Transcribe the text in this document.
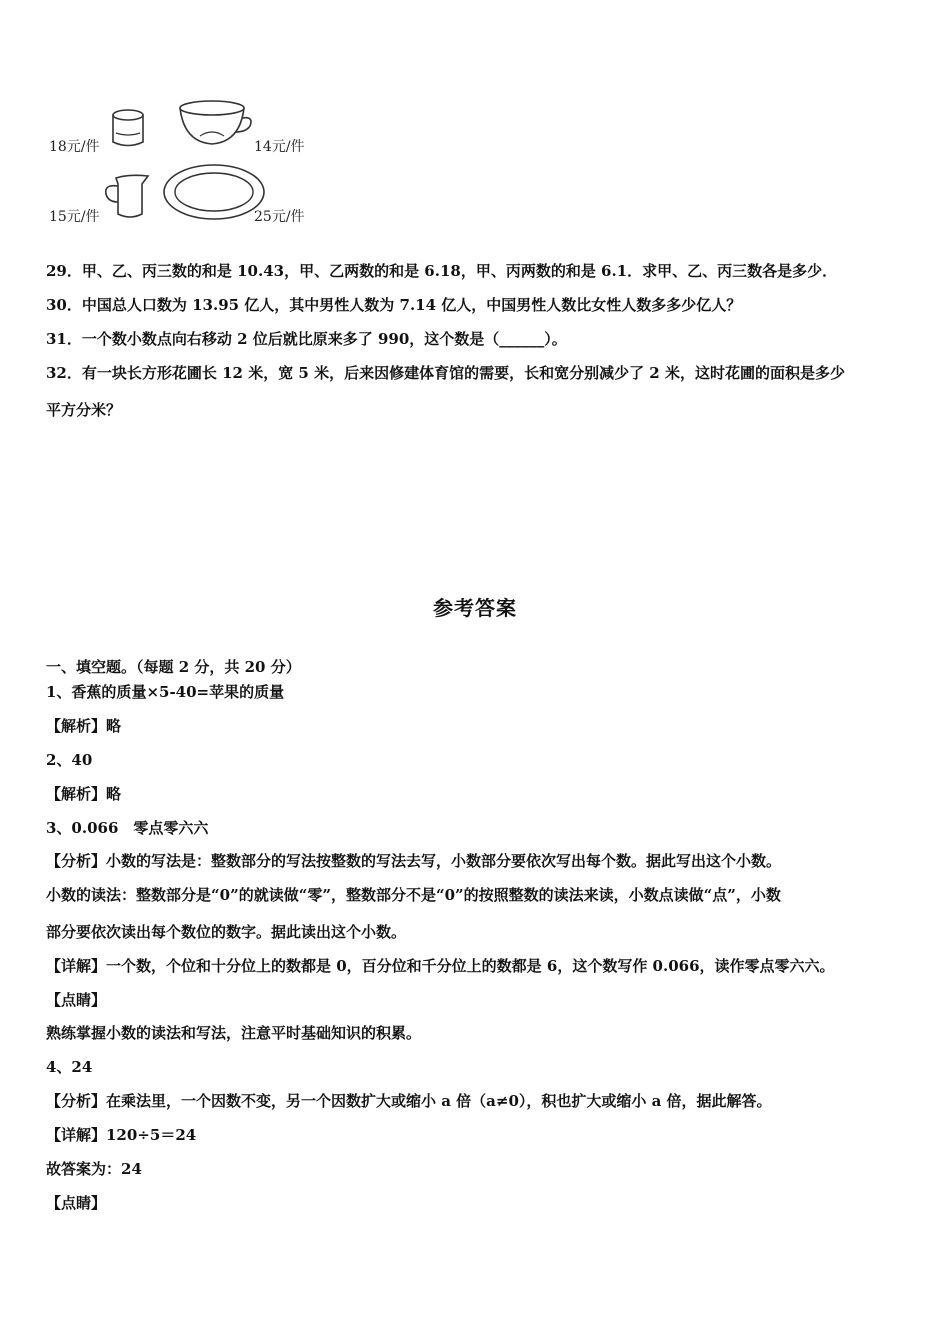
18元/件	14元/件
15元/件	25元/件
29．甲、乙、丙三数的和是 10.43，甲、乙两数的和是 6.18，甲、丙两数的和是 6.1．求甲、乙、丙三数各是多少．
30．中国总人口数为 13.95 亿人，其中男性人数为 7.14 亿人，中国男性人数比女性人数多多少亿人？
31．一个数小数点向右移动 2 位后就比原来多了 990，这个数是（______）。
32．有一块长方形花圃长 12 米，宽 5 米，后来因修建体育馆的需要，长和宽分别减少了 2 米，这时花圃的面积是多少
平方分米？
参考答案
一、填空题。（每题 2 分，共 20 分）
1、香蕉的质量×5-40=苹果的质量
【解析】略
2、40
【解析】略
3、0.066　零点零六六
【分析】小数的写法是：整数部分的写法按整数的写法去写，小数部分要依次写出每个数。据此写出这个小数。
小数的读法：整数部分是“0”的就读做“零”，整数部分不是“0”的按照整数的读法来读，小数点读做“点”，小数
部分要依次读出每个数位的数字。据此读出这个小数。
【详解】一个数，个位和十分位上的数都是 0，百分位和千分位上的数都是 6，这个数写作 0.066，读作零点零六六。
【点睛】
熟练掌握小数的读法和写法，注意平时基础知识的积累。
4、24
【分析】在乘法里，一个因数不变，另一个因数扩大或缩小 a 倍（a≠0），积也扩大或缩小 a 倍，据此解答。
【详解】120÷5＝24
故答案为：24
【点睛】
